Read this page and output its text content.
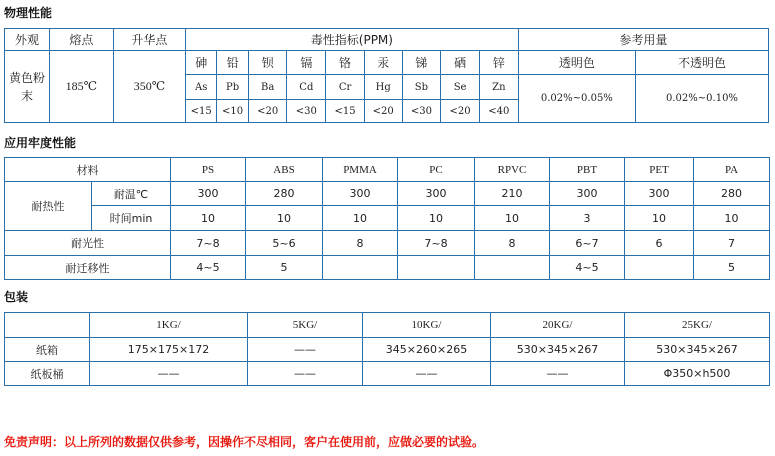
物理性能
外观	熔点	升华点	毒性指标(PPM)									参考用量	
黄色粉末	185℃	350℃	砷	铅	钡	镉	铬	汞	锑	硒	锌	透明色	不透明色
			As	Pb	Ba	Cd	Cr	Hg	Sb	Se	Zn	0.02%~0.05%	0.02%~0.10%
			<15	<10	<20	<30	<15	<20	<30	<20	<40		
应用牢度性能
材料		PS	ABS	PMMA	PC	RPVC	PBT	PET	PA
耐热性	耐温℃	300	280	300	300	210	300	300	280
	时间min	10	10	10	10	10	3	10	10
耐光性		7~8	5~6	8	7~8	8	6~7	6	7
耐迁移性		4~5	5				4~5		5
包装
	1KG/	5KG/	10KG/	20KG/	25KG/
纸箱	175×175×172	——	345×260×265	530×345×267	530×345×267
纸板桶	——	——	——	——	Φ350×h500
免责声明：以上所列的数据仅供参考，因操作不尽相同，客户在使用前，应做必要的试验。
